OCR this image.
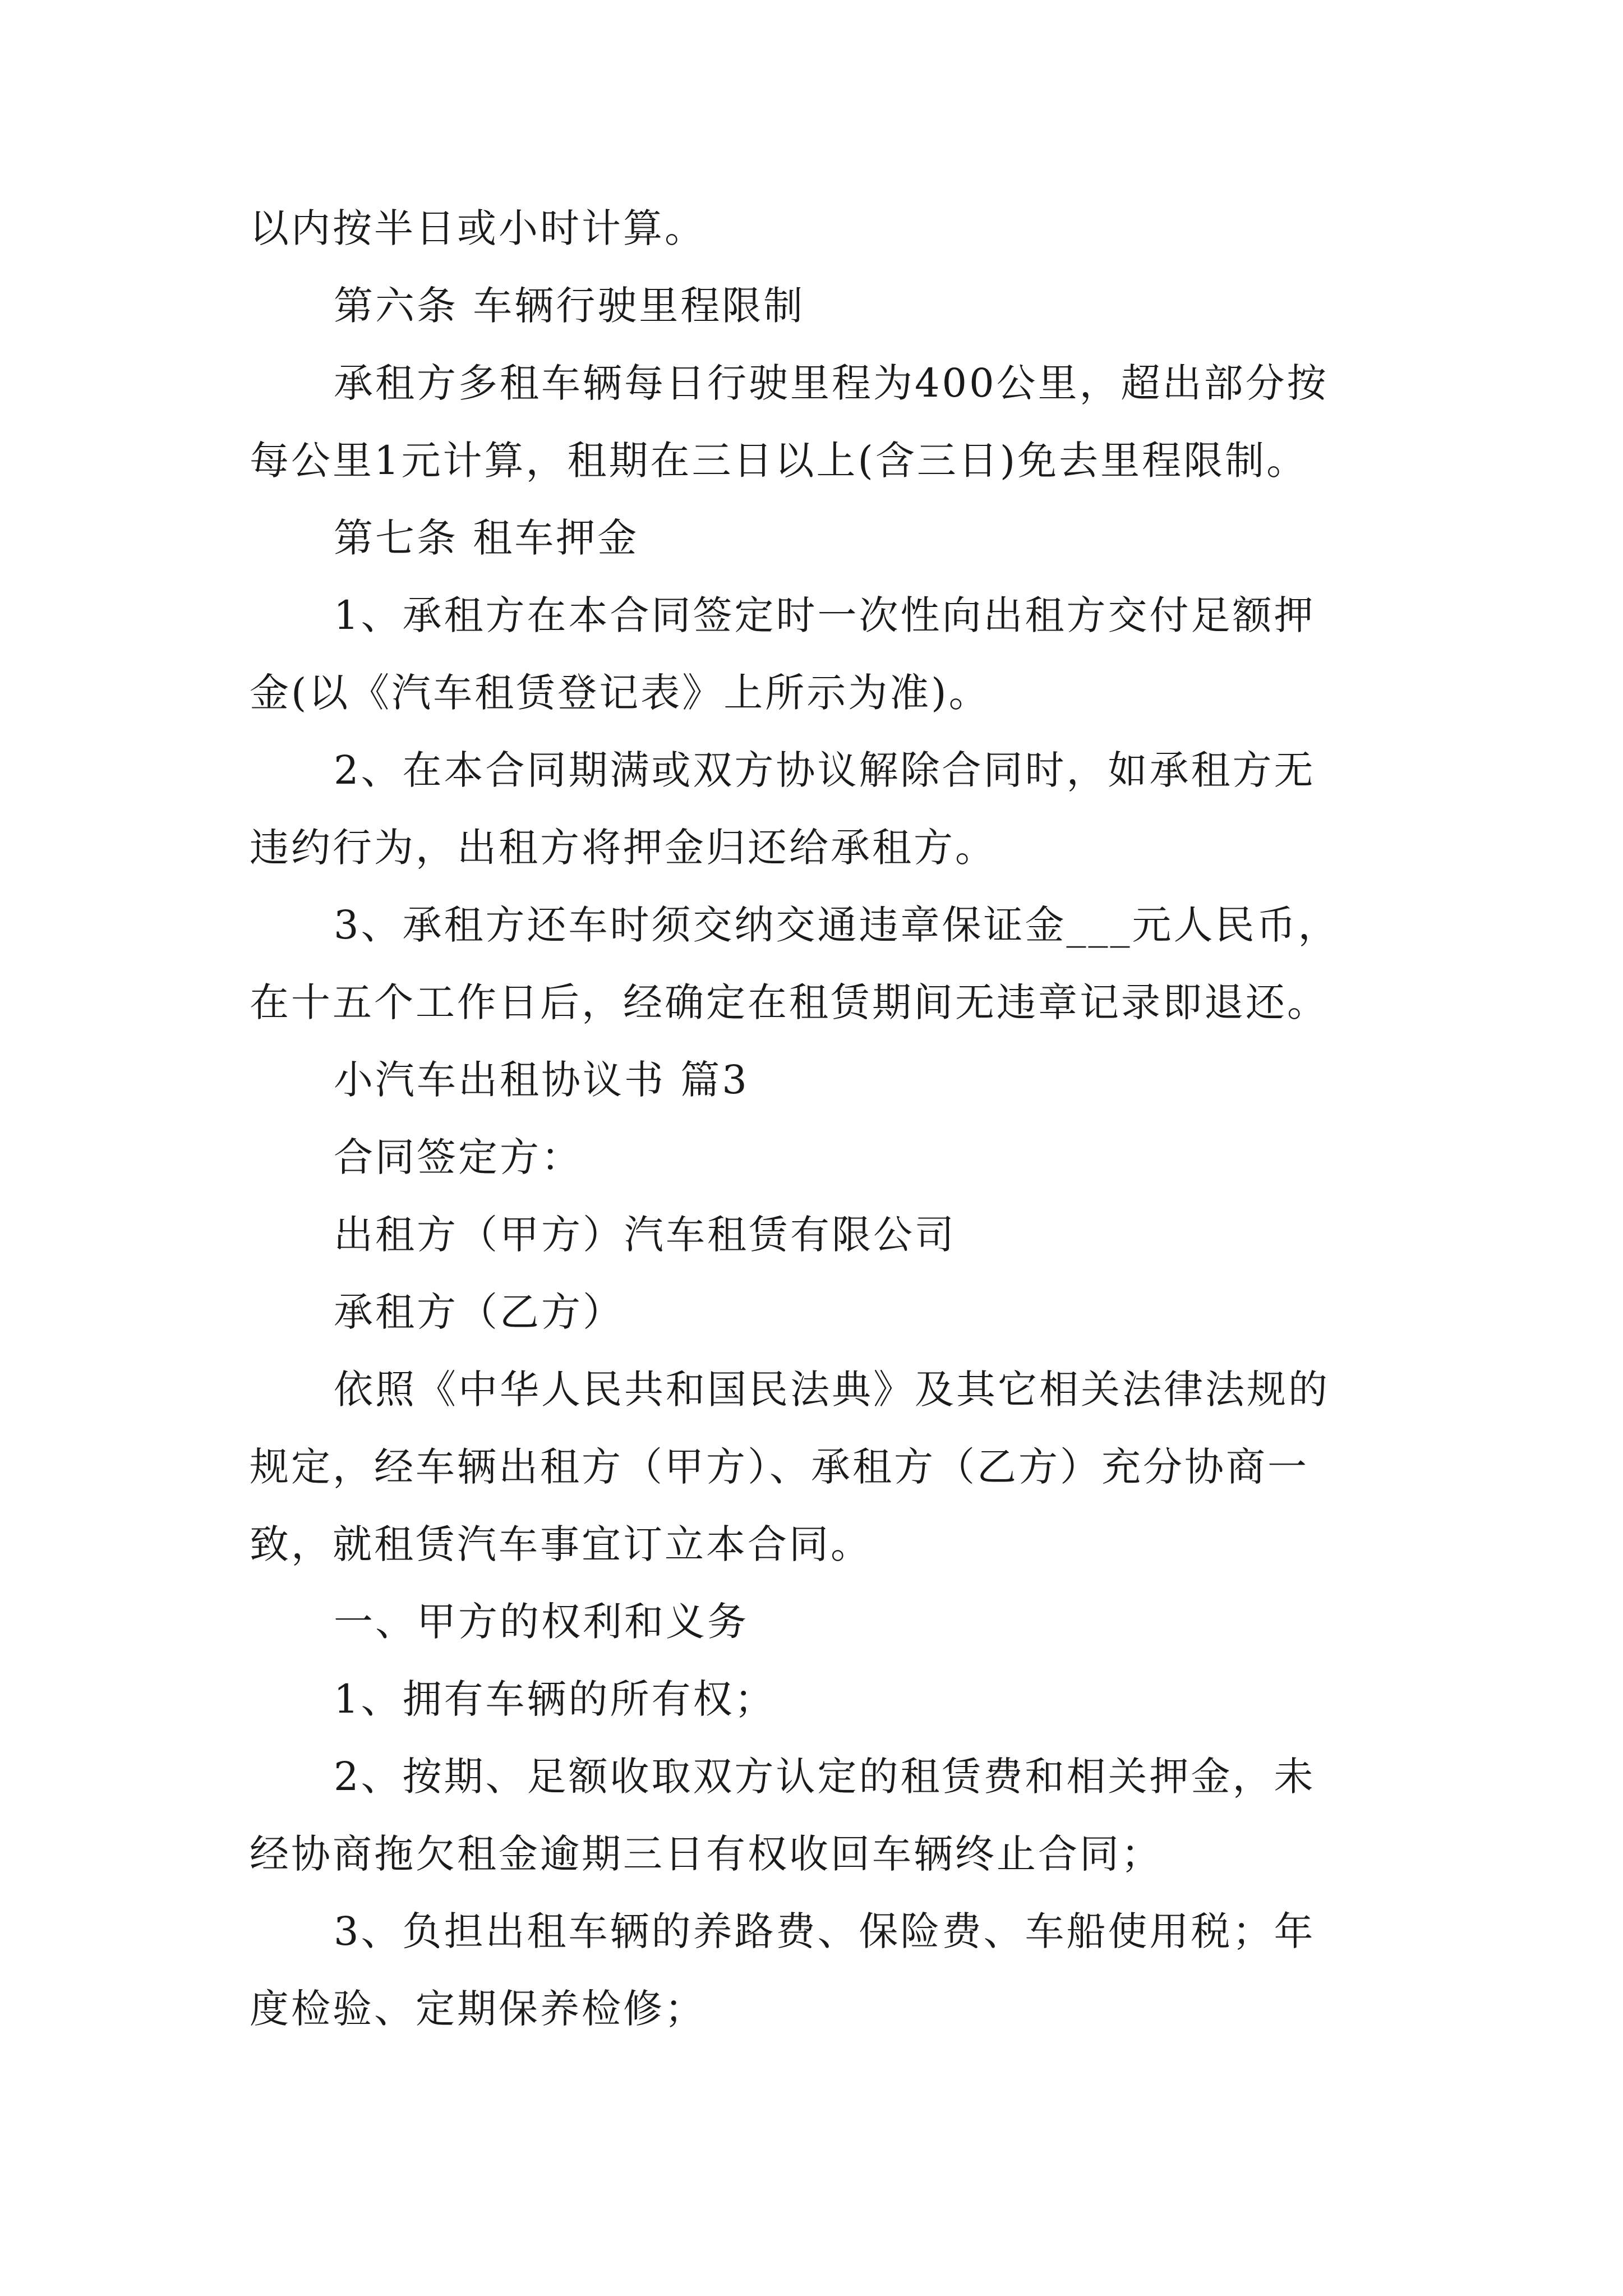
以内按半日或小时计算。
第六条 车辆行驶里程限制
承租方多租车辆每日行驶里程为400公里，超出部分按
每公里1元计算，租期在三日以上(含三日)免去里程限制。
第七条 租车押金
1、承租方在本合同签定时一次性向出租方交付足额押
金(以《汽车租赁登记表》上所示为准)。
2、在本合同期满或双方协议解除合同时，如承租方无
违约行为，出租方将押金归还给承租方。
3、承租方还车时须交纳交通违章保证金___元人民币，
在十五个工作日后，经确定在租赁期间无违章记录即退还。
小汽车出租协议书 篇3
合同签定方：
出租方（甲方）汽车租赁有限公司
承租方（乙方）
依照《中华人民共和国民法典》及其它相关法律法规的
规定，经车辆出租方（甲方）、承租方（乙方）充分协商一
致，就租赁汽车事宜订立本合同。
一、甲方的权利和义务
1、拥有车辆的所有权；
2、按期、足额收取双方认定的租赁费和相关押金，未
经协商拖欠租金逾期三日有权收回车辆终止合同；
3、负担出租车辆的养路费、保险费、车船使用税；年
度检验、定期保养检修；
